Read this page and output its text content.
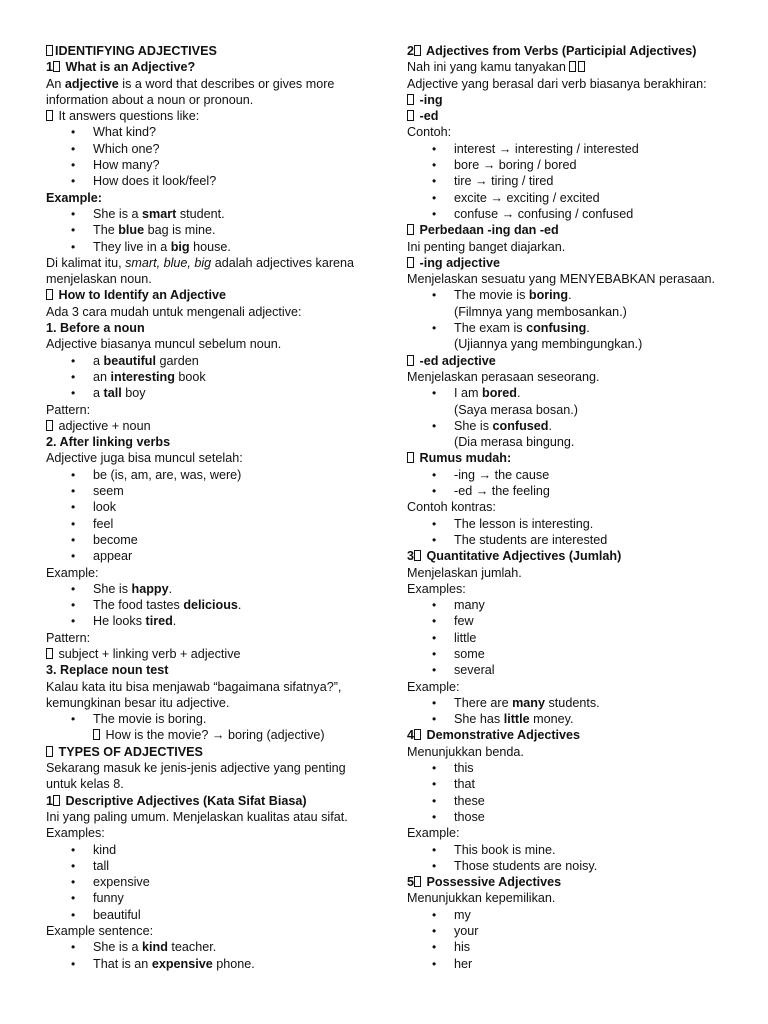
IDENTIFYING ADJECTIVES

1 What is an Adjective?

An adjective is a word that describes or gives more information about a noun or pronoun.

It answers questions like:

• What kind?
• Which one?
• How many?
• How does it look/feel?

Example:

• She is a smart student.
• The blue bag is mine.
• They live in a big house.

Di kalimat itu, smart, blue, big adalah adjectives karena menjelaskan noun.

How to Identify an Adjective

Ada 3 cara mudah untuk mengenali adjective:

1. Before a noun

Adjective biasanya muncul sebelum noun.

• a beautiful garden
• an interesting book
• a tall boy

Pattern:

adjective + noun

2. After linking verbs

Adjective juga bisa muncul setelah:

• be (is, am, are, was, were)
• seem
• look
• feel
• become
• appear

Example:

• She is happy.
• The food tastes delicious.
• He looks tired.

Pattern:

subject + linking verb + adjective

3. Replace noun test

Kalau kata itu bisa menjawab “bagaimana sifatnya?”, kemungkinan besar itu adjective.

• The movie is boring.
How is the movie? → boring (adjective)

TYPES OF ADJECTIVES

Sekarang masuk ke jenis-jenis adjective yang penting untuk kelas 8.

1 Descriptive Adjectives (Kata Sifat Biasa)

Ini yang paling umum. Menjelaskan kualitas atau sifat.

Examples:

• kind
• tall
• expensive
• funny
• beautiful

Example sentence:

• She is a kind teacher.
• That is an expensive phone.

2 Adjectives from Verbs (Participial Adjectives)

Nah ini yang kamu tanyakan

Adjective yang berasal dari verb biasanya berakhiran:

-ing

-ed

Contoh:

• interest → interesting / interested
• bore → boring / bored
• tire → tiring / tired
• excite → exciting / excited
• confuse → confusing / confused

Perbedaan -ing dan -ed

Ini penting banget diajarkan.

-ing adjective

Menjelaskan sesuatu yang MENYEBABKAN perasaan.

• The movie is boring.
(Filmnya yang membosankan.)
• The exam is confusing.
(Ujiannya yang membingungkan.)

-ed adjective

Menjelaskan perasaan seseorang.

• I am bored.
(Saya merasa bosan.)
• She is confused.
(Dia merasa bingung.

Rumus mudah:

• -ing → the cause
• -ed → the feeling

Contoh kontras:

• The lesson is interesting.
• The students are interested

3 Quantitative Adjectives (Jumlah)

Menjelaskan jumlah.

Examples:

• many
• few
• little
• some
• several

Example:

• There are many students.
• She has little money.

4 Demonstrative Adjectives

Menunjukkan benda.

• this
• that
• these
• those

Example:

• This book is mine.
• Those students are noisy.

5 Possessive Adjectives

Menunjukkan kepemilikan.

• my
• your
• his
• her
